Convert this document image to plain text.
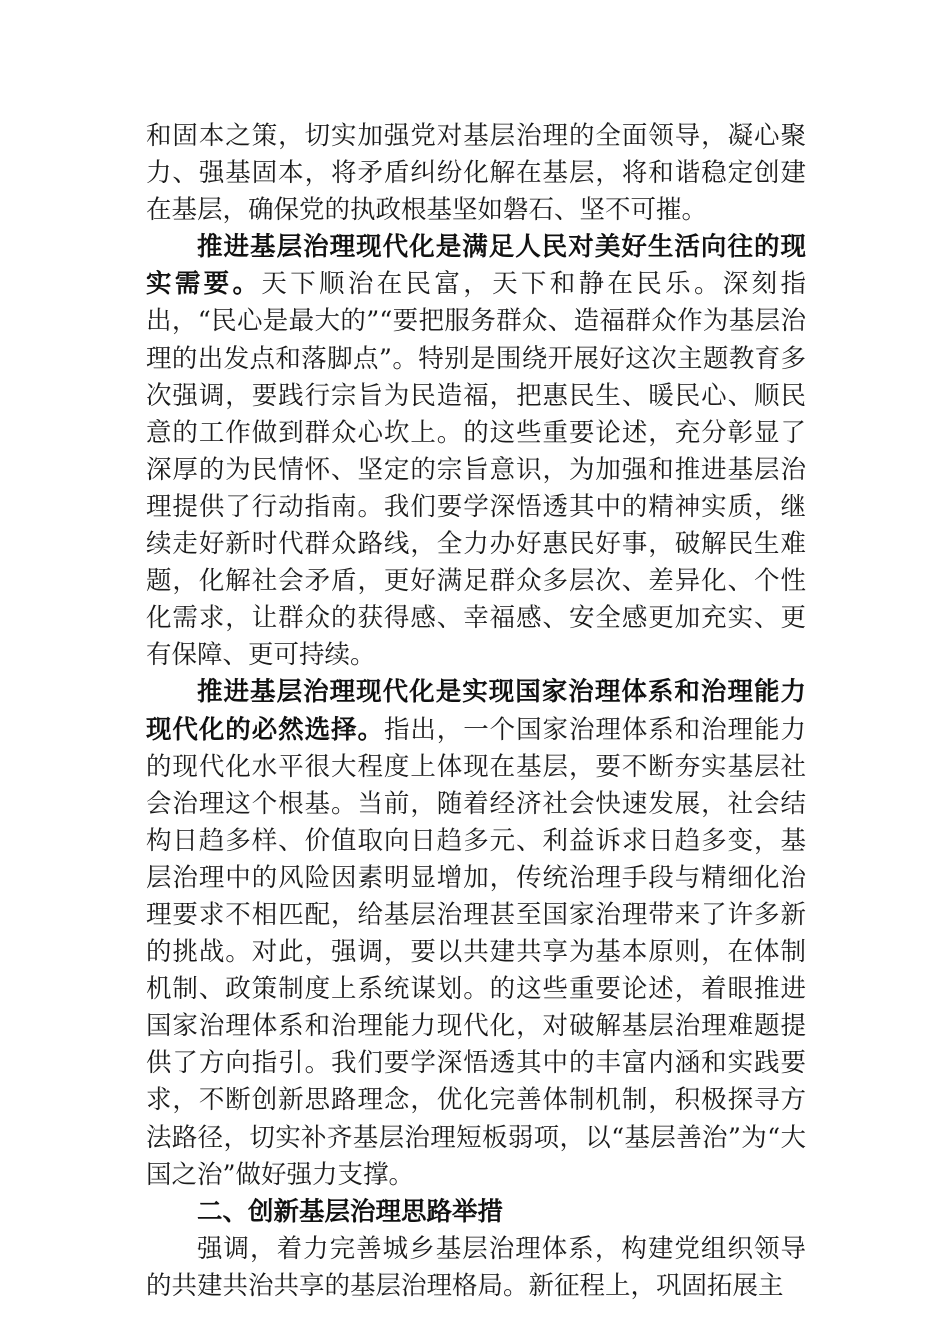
和固本之策，切实加强党对基层治理的全面领导，凝心聚力、强基固本，将矛盾纠纷化解在基层，将和谐稳定创建在基层，确保党的执政根基坚如磐石、坚不可摧。

推进基层治理现代化是满足人民对美好生活向往的现实需要。天下顺治在民富，天下和静在民乐。深刻指出，“民心是最大的”“要把服务群众、造福群众作为基层治理的出发点和落脚点”。特别是围绕开展好这次主题教育多次强调，要践行宗旨为民造福，把惠民生、暖民心、顺民意的工作做到群众心坎上。的这些重要论述，充分彰显了深厚的为民情怀、坚定的宗旨意识，为加强和推进基层治理提供了行动指南。我们要学深悟透其中的精神实质，继续走好新时代群众路线，全力办好惠民好事，破解民生难题，化解社会矛盾，更好满足群众多层次、差异化、个性化需求，让群众的获得感、幸福感、安全感更加充实、更有保障、更可持续。

推进基层治理现代化是实现国家治理体系和治理能力现代化的必然选择。指出，一个国家治理体系和治理能力的现代化水平很大程度上体现在基层，要不断夯实基层社会治理这个根基。当前，随着经济社会快速发展，社会结构日趋多样、价值取向日趋多元、利益诉求日趋多变，基层治理中的风险因素明显增加，传统治理手段与精细化治理要求不相匹配，给基层治理甚至国家治理带来了许多新的挑战。对此，强调，要以共建共享为基本原则，在体制机制、政策制度上系统谋划。的这些重要论述，着眼推进国家治理体系和治理能力现代化，对破解基层治理难题提供了方向指引。我们要学深悟透其中的丰富内涵和实践要求，不断创新思路理念，优化完善体制机制，积极探寻方法路径，切实补齐基层治理短板弱项，以“基层善治”为“大国之治”做好强力支撑。

二、创新基层治理思路举措

强调，着力完善城乡基层治理体系，构建党组织领导的共建共治共享的基层治理格局。新征程上，巩固拓展主
